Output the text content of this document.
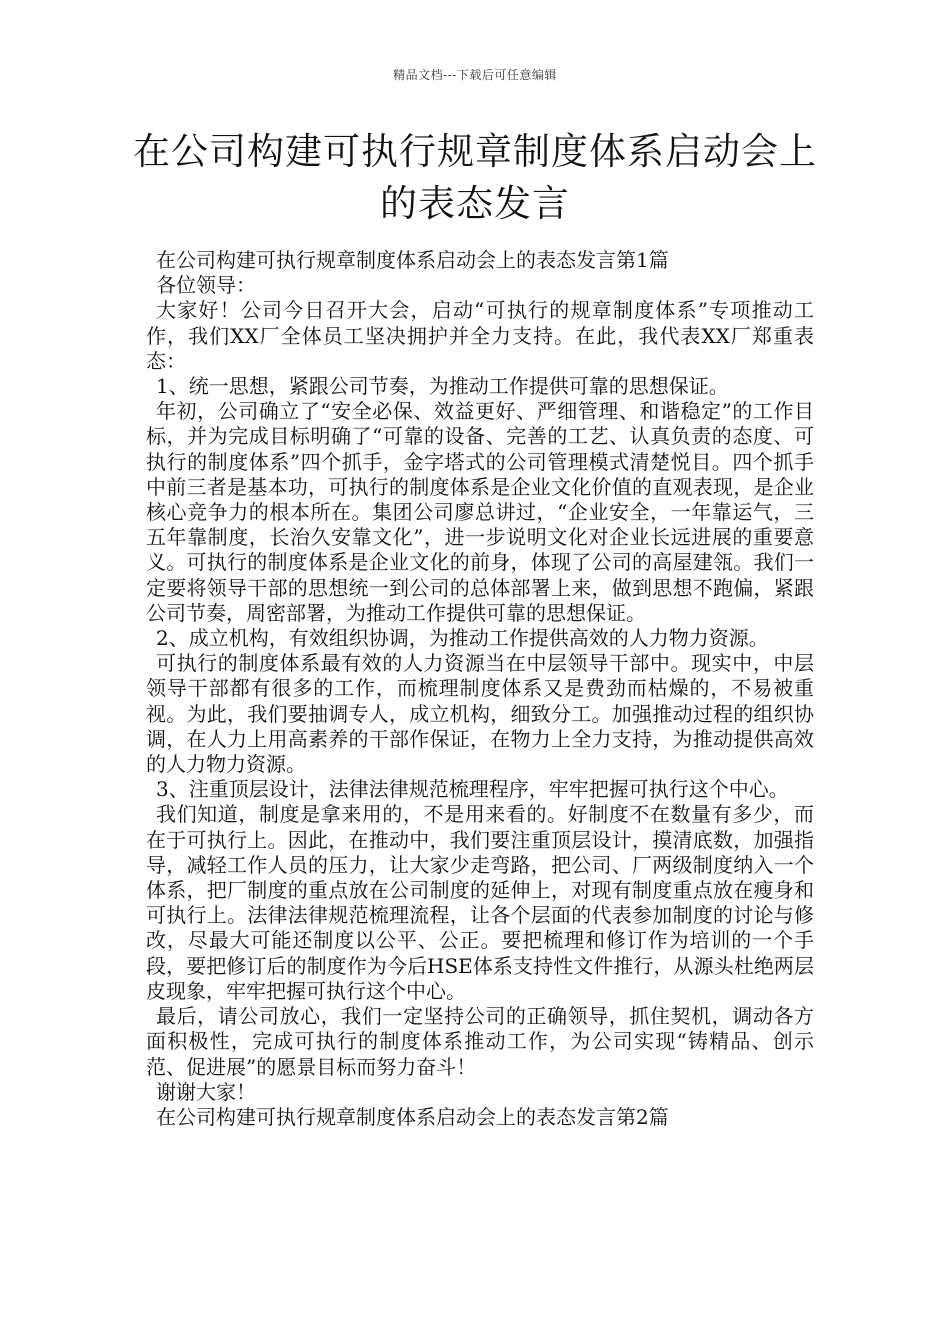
精品文档---下载后可任意编辑
在公司构建可执行规章制度体系启动会上
的表态发言

在公司构建可执行规章制度体系启动会上的表态发言第1篇

各位领导：

大家好！公司今日召开大会，启动“可执行的规章制度体系”专项推动工作，我们XX厂全体员工坚决拥护并全力支持。在此，我代表XX厂郑重表态：

1、统一思想，紧跟公司节奏，为推动工作提供可靠的思想保证。

年初，公司确立了“安全必保、效益更好、严细管理、和谐稳定”的工作目标，并为完成目标明确了“可靠的设备、完善的工艺、认真负责的态度、可执行的制度体系”四个抓手，金字塔式的公司管理模式清楚悦目。四个抓手中前三者是基本功，可执行的制度体系是企业文化价值的直观表现，是企业核心竞争力的根本所在。集团公司廖总讲过，“企业安全，一年靠运气，三五年靠制度，长治久安靠文化”，进一步说明文化对企业长远进展的重要意义。可执行的制度体系是企业文化的前身，体现了公司的高屋建瓴。我们一定要将领导干部的思想统一到公司的总体部署上来，做到思想不跑偏，紧跟公司节奏，周密部署，为推动工作提供可靠的思想保证。

2、成立机构，有效组织协调，为推动工作提供高效的人力物力资源。

可执行的制度体系最有效的人力资源当在中层领导干部中。现实中，中层领导干部都有很多的工作，而梳理制度体系又是费劲而枯燥的，不易被重视。为此，我们要抽调专人，成立机构，细致分工。加强推动过程的组织协调，在人力上用高素养的干部作保证，在物力上全力支持，为推动提供高效的人力物力资源。

3、注重顶层设计，法律法律规范梳理程序，牢牢把握可执行这个中心。

我们知道，制度是拿来用的，不是用来看的。好制度不在数量有多少，而在于可执行上。因此，在推动中，我们要注重顶层设计，摸清底数，加强指导，减轻工作人员的压力，让大家少走弯路，把公司、厂两级制度纳入一个体系，把厂制度的重点放在公司制度的延伸上，对现有制度重点放在瘦身和可执行上。法律法律规范梳理流程，让各个层面的代表参加制度的讨论与修改，尽最大可能还制度以公平、公正。要把梳理和修订作为培训的一个手段，要把修订后的制度作为今后HSE体系支持性文件推行，从源头杜绝两层皮现象，牢牢把握可执行这个中心。

最后，请公司放心，我们一定坚持公司的正确领导，抓住契机，调动各方面积极性，完成可执行的制度体系推动工作，为公司实现“铸精品、创示范、促进展”的愿景目标而努力奋斗！

谢谢大家！

在公司构建可执行规章制度体系启动会上的表态发言第2篇
